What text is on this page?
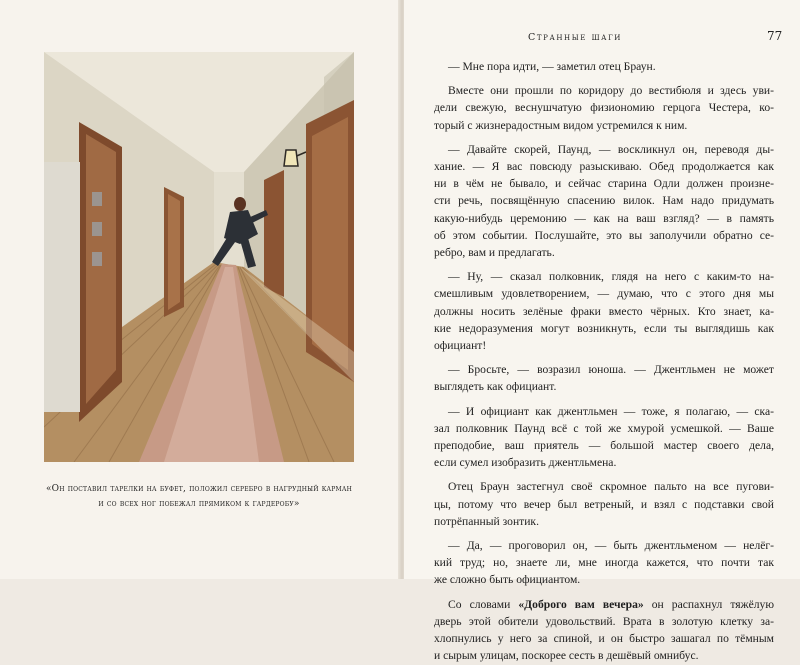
«Он поставил тарелки на буфет, положил серебро в нагрудный карман
и со всех ног побежал прямиком к гардеробу»
Странные шаги	77
— Мне пора идти, — заметил отец Браун.
Вместе они прошли по коридору до вестибюля и здесь уви-
дели свежую, веснушчатую физиономию герцога Честера, ко-
торый с жизнерадостным видом устремился к ним.
— Давайте скорей, Паунд, — воскликнул он, переводя ды-
хание. — Я вас повсюду разыскиваю. Обед продолжается как
ни в чём не бывало, и сейчас старина Одли должен произне-
сти речь, посвящённую спасению вилок. Нам надо придумать
какую-нибудь церемонию — как на ваш взгляд? — в память
об этом событии. Послушайте, это вы заполучили обратно се-
ребро, вам и предлагать.
— Ну, — сказал полковник, глядя на него с каким-то на-
смешливым удовлетворением, — думаю, что с этого дня мы
должны носить зелёные фраки вместо чёрных. Кто знает, ка-
кие недоразумения могут возникнуть, если ты выглядишь как
официант!
— Бросьте, — возразил юноша. — Джентльмен не может
выглядеть как официант.
— И официант как джентльмен — тоже, я полагаю, — ска-
зал полковник Паунд всё с той же хмурой усмешкой. — Ваше
преподобие, ваш приятель — большой мастер своего дела,
если сумел изобразить джентльмена.
Отец Браун застегнул своё скромное пальто на все пугови-
цы, потому что вечер был ветреный, и взял с подставки свой
потрёпанный зонтик.
— Да, — проговорил он, — быть джентльменом — нелёг-
кий труд; но, знаете ли, мне иногда кажется, что почти так
же сложно быть официантом.
Со словами «Доброго вам вечера» он распахнул тяжёлую
дверь этой обители удовольствий. Врата в золотую клетку за-
хлопнулись у него за спиной, и он быстро зашагал по тёмным
и сырым улицам, поскорее сесть в дешёвый омнибус.
